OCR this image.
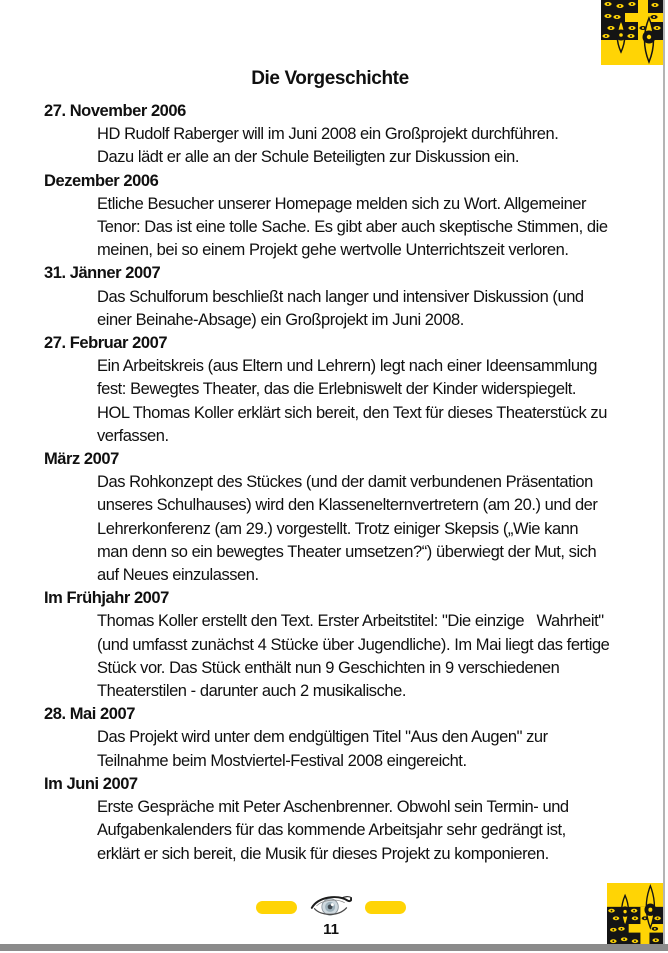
Die Vorgeschichte
27. November 2006
HD Rudolf Raberger will im Juni 2008 ein Großprojekt durchführen.
Dazu lädt er alle an der Schule Beteiligten zur Diskussion ein.
Dezember 2006
Etliche Besucher unserer Homepage melden sich zu Wort. Allgemeiner
Tenor: Das ist eine tolle Sache. Es gibt aber auch skeptische Stimmen, die
meinen, bei so einem Projekt gehe wertvolle Unterrichtszeit verloren.
31. Jänner 2007
Das Schulforum beschließt nach langer und intensiver Diskussion (und
einer Beinahe-Absage) ein Großprojekt im Juni 2008.
27. Februar 2007
Ein Arbeitskreis (aus Eltern und Lehrern) legt nach einer Ideensammlung
fest: Bewegtes Theater, das die Erlebniswelt der Kinder widerspiegelt.
HOL Thomas Koller erklärt sich bereit, den Text für dieses Theaterstück zu
verfassen.
März 2007
Das Rohkonzept des Stückes (und der damit verbundenen Präsentation
unseres Schulhauses) wird den Klassenelternvertretern (am 20.) und der
Lehrerkonferenz (am 29.) vorgestellt. Trotz einiger Skepsis („Wie kann
man denn so ein bewegtes Theater umsetzen?“) überwiegt der Mut, sich
auf Neues einzulassen.
Im Frühjahr 2007
Thomas Koller erstellt den Text. Erster Arbeitstitel: "Die einzige   Wahrheit"
(und umfasst zunächst 4 Stücke über Jugendliche). Im Mai liegt das fertige
Stück vor. Das Stück enthält nun 9 Geschichten in 9 verschiedenen
Theaterstilen - darunter auch 2 musikalische.
28. Mai 2007
Das Projekt wird unter dem endgültigen Titel "Aus den Augen" zur
Teilnahme beim Mostviertel-Festival 2008 eingereicht.
Im Juni 2007
Erste Gespräche mit Peter Aschenbrenner. Obwohl sein Termin- und
Aufgabenkalenders für das kommende Arbeitsjahr sehr gedrängt ist,
erklärt er sich bereit, die Musik für dieses Projekt zu komponieren.
11
